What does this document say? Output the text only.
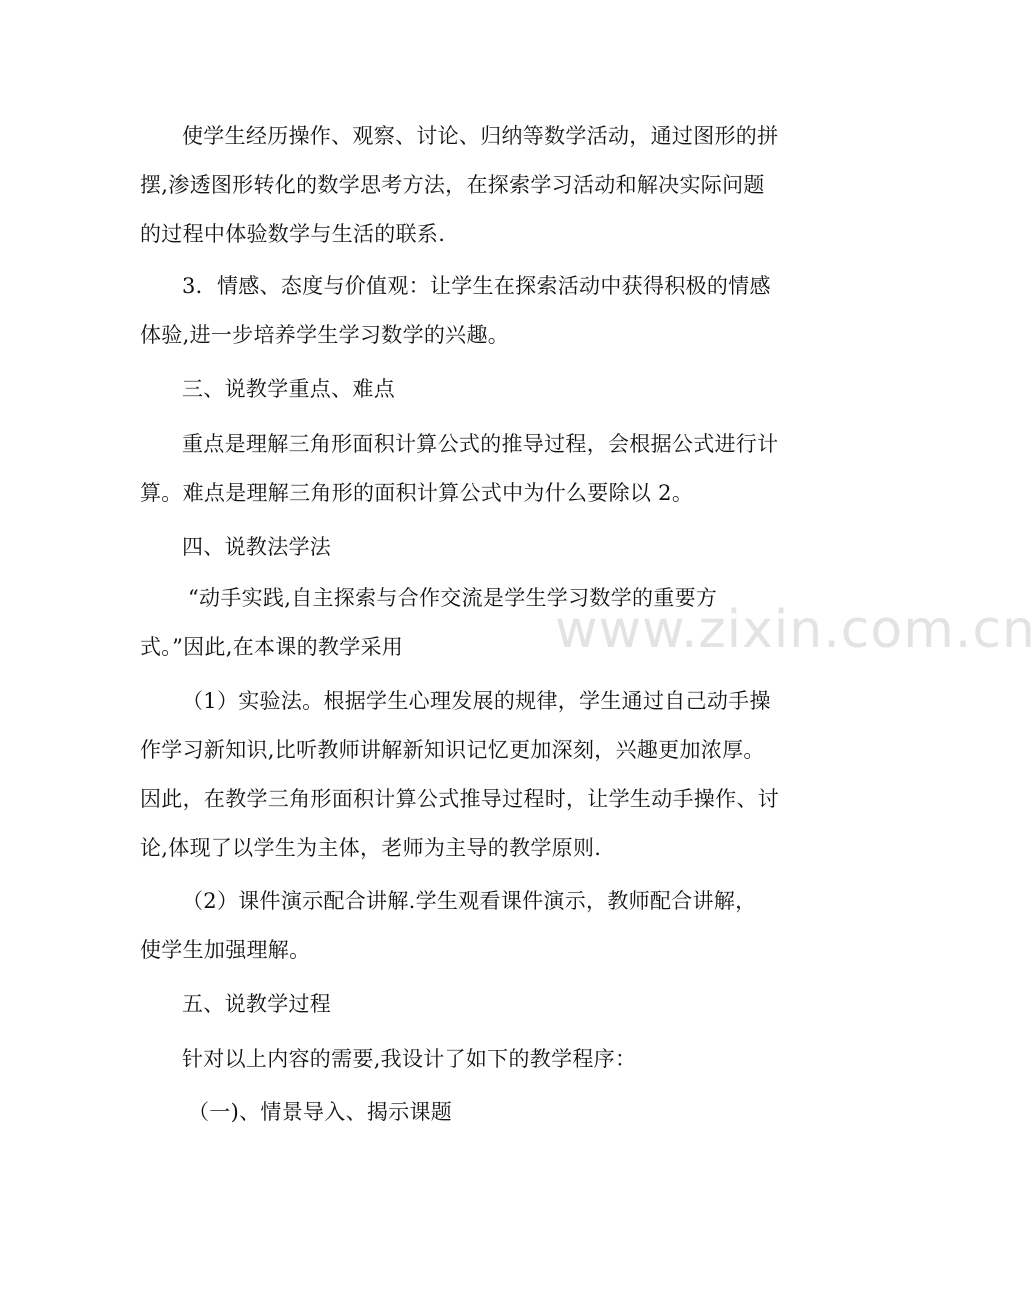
www.zixin.com.cn
使学生经历操作、观察、讨论、归纳等数学活动，通过图形的拼
摆,渗透图形转化的数学思考方法，在探索学习活动和解决实际问题
的过程中体验数学与生活的联系.
3．情感、态度与价值观：让学生在探索活动中获得积极的情感
体验,进一步培养学生学习数学的兴趣。
三、说教学重点、难点
重点是理解三角形面积计算公式的推导过程，会根据公式进行计
算。难点是理解三角形的面积计算公式中为什么要除以 2。
四、说教法学法
“动手实践,自主探索与合作交流是学生学习数学的重要方
式。”因此,在本课的教学采用
（1）实验法。根据学生心理发展的规律，学生通过自己动手操
作学习新知识,比听教师讲解新知识记忆更加深刻，兴趣更加浓厚。
因此，在教学三角形面积计算公式推导过程时，让学生动手操作、讨
论,体现了以学生为主体，老师为主导的教学原则.
（2）课件演示配合讲解.学生观看课件演示，教师配合讲解，
使学生加强理解。
五、说教学过程
针对以上内容的需要,我设计了如下的教学程序：
（一)、情景导入、揭示课题
